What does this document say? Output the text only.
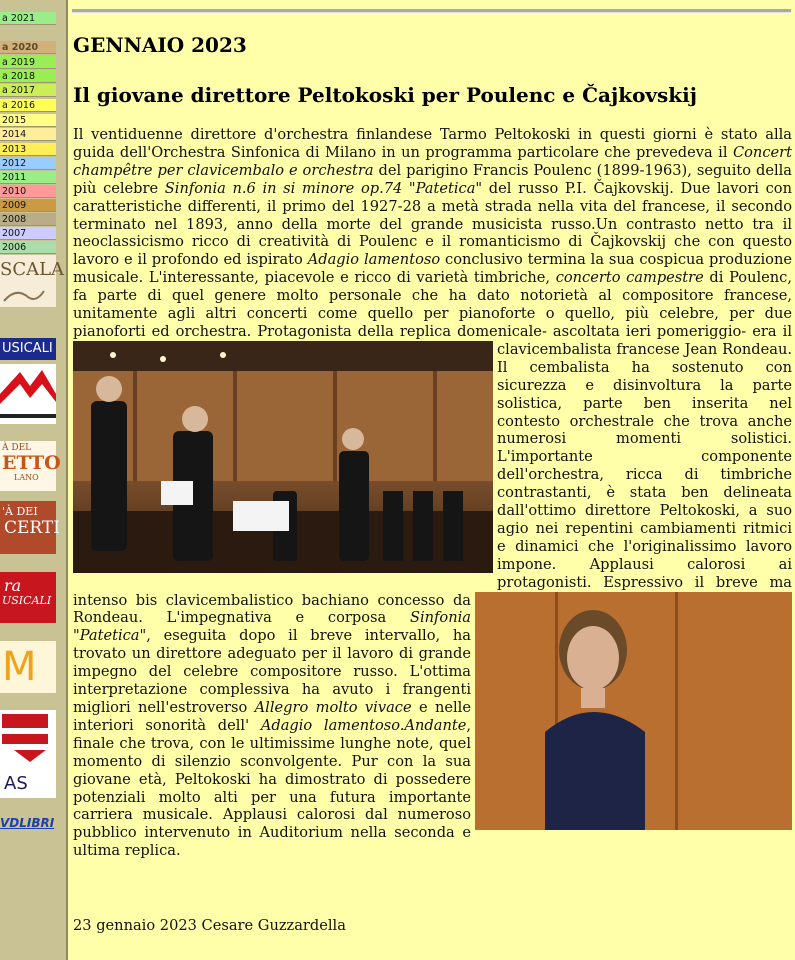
a 2021
a 2020
a 2019
a 2018
a 2017
a 2016
2015
2014
2013
2012
2011
2010
2009
2008
2007
2006
SCALA
USICALI
À DEL
ETTO
LANO
'À DEI
CERTI
ra
USICALI
M
AS
VDLIBRI
GENNAIO 2023
Il giovane direttore Peltokoski per Poulenc e Čajkovskij

Il ventiduenne direttore d'orchestra finlandese Tarmo Peltokoski in questi giorni è stato alla guida dell'Orchestra Sinfonica di Milano in un programma particolare che prevedeva il Concert champêtre per clavicembalo e orchestra del parigino Francis Poulenc (1899-1963), seguito della più celebre Sinfonia n.6 in si minore op.74 "Patetica" del russo P.I. Čajkovskij. Due lavori con caratteristiche differenti, il primo del 1927-28 a metà strada nella vita del francese, il secondo terminato nel 1893, anno della morte del grande musicista russo.Un contrasto netto tra il neoclassicismo ricco di creatività di Poulenc e il romanticismo di Čajkovskij che con questo lavoro e il profondo ed ispirato Adagio lamentoso conclusivo termina la sua cospicua produzione musicale. L'interessante, piacevole e ricco di varietà timbriche, concerto campestre di Poulenc, fa parte di quel genere molto personale che ha dato notorietà al compositore francese, unitamente agli altri concerti come quello per pianoforte o quello, più celebre, per due pianoforti ed orchestra. Protagonista della replica
domenicale- ascoltata ieri pomeriggio- era il clavicembalista francese Jean Rondeau. Il cembalista ha sostenuto con sicurezza e disinvoltura la parte solistica, parte ben inserita nel contesto orchestrale che trova anche numerosi momenti solistici. L'importante componente dell'orchestra, ricca di timbriche contrastanti, è stata ben delineata dall'ottimo direttore Peltokoski, a suo agio nei repentini cambiamenti ritmici e dinamici che l'originalissimo lavoro impone. Applausi calorosi ai protagonisti. Espressivo il breve ma intenso bis
clavicembalistico bachiano concesso da Rondeau. L'impegnativa e corposa Sinfonia "Patetica", eseguita dopo il breve intervallo, ha trovato un direttore adeguato per il lavoro di grande impegno del celebre compositore russo. L'ottima interpretazione complessiva ha avuto i frangenti migliori nell'estroverso Allegro molto vivace e nelle interiori sonorità dell' Adagio lamentoso.Andante, finale che trova, con le ultimissime lunghe note, quel momento di silenzio sconvolgente. Pur con la sua giovane età, Peltokoski ha dimostrato di possedere potenziali molto alti per una futura importante carriera musicale. Applausi calorosi dal numeroso pubblico intervenuto in Auditorium nella seconda e ultima replica.

23 gennaio 2023 Cesare Guzzardella
